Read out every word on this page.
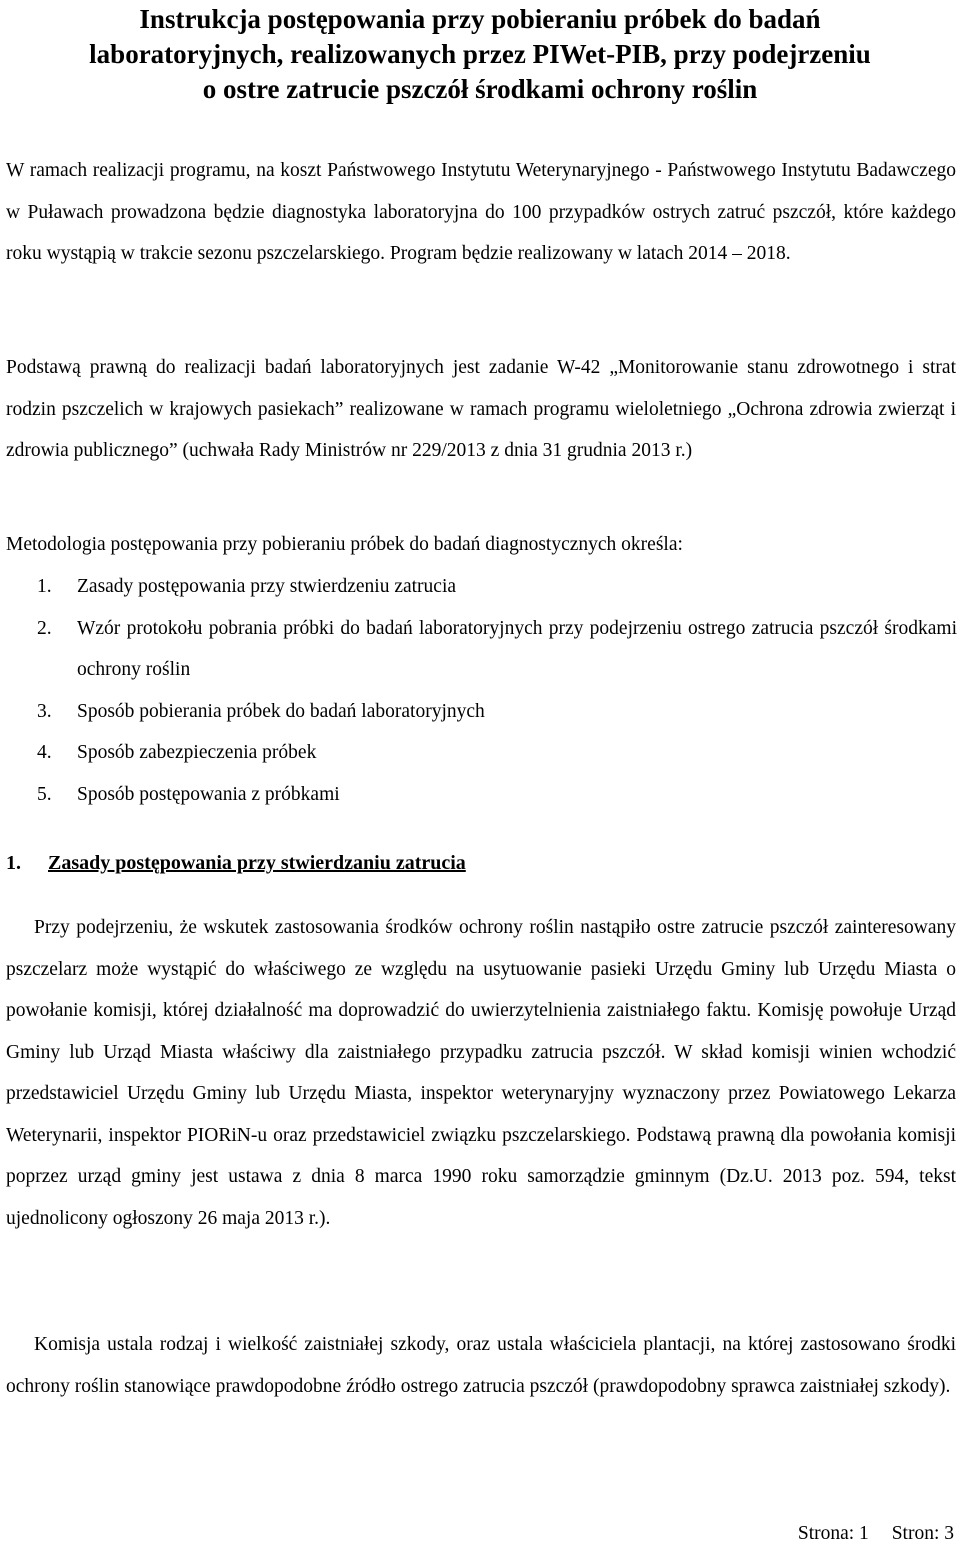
Instrukcja postępowania przy pobieraniu próbek do badań
laboratoryjnych, realizowanych przez PIWet-PIB, przy podejrzeniu
o ostre zatrucie pszczół środkami ochrony roślin

W ramach realizacji programu, na koszt Państwowego Instytutu Weterynaryjnego - Państwowego Instytutu Badawczego w Puławach prowadzona będzie diagnostyka laboratoryjna do 100 przypadków ostrych zatruć pszczół, które każdego roku wystąpią w trakcie sezonu pszczelarskiego. Program będzie realizowany w latach 2014 – 2018.

Podstawą prawną do realizacji badań laboratoryjnych jest zadanie W-42 „Monitorowanie stanu zdrowotnego i strat rodzin pszczelich w krajowych pasiekach” realizowane w ramach programu wieloletniego „Ochrona zdrowia zwierząt i zdrowia publicznego” (uchwała Rady Ministrów nr 229/2013 z dnia 31 grudnia 2013 r.)

Metodologia postępowania przy pobieraniu próbek do badań diagnostycznych określa:

1. Zasady postępowania przy stwierdzeniu zatrucia
2. Wzór protokołu pobrania próbki do badań laboratoryjnych przy podejrzeniu ostrego zatrucia pszczół środkami ochrony roślin
3. Sposób pobierania próbek do badań laboratoryjnych
4. Sposób zabezpieczenia próbek
5. Sposób postępowania z próbkami
1. Zasady postępowania przy stwierdzaniu zatrucia

Przy podejrzeniu, że wskutek zastosowania środków ochrony roślin nastąpiło ostre zatrucie pszczół zainteresowany pszczelarz może wystąpić do właściwego ze względu na usytuowanie pasieki Urzędu Gminy lub Urzędu Miasta o powołanie komisji, której działalność ma doprowadzić do uwierzytelnienia zaistniałego faktu. Komisję powołuje Urząd Gminy lub Urząd Miasta właściwy dla zaistniałego przypadku zatrucia pszczół. W skład komisji winien wchodzić przedstawiciel Urzędu Gminy lub Urzędu Miasta, inspektor weterynaryjny wyznaczony przez Powiatowego Lekarza Weterynarii, inspektor PIORiN-u oraz przedstawiciel związku pszczelarskiego. Podstawą prawną dla powołania komisji poprzez urząd gminy jest ustawa z dnia 8 marca 1990 roku samorządzie gminnym (Dz.U. 2013 poz. 594, tekst ujednolicony ogłoszony 26 maja 2013 r.).

Komisja ustala rodzaj i wielkość zaistniałej szkody, oraz ustala właściciela plantacji, na której zastosowano środki ochrony roślin stanowiące prawdopodobne źródło ostrego zatrucia pszczół (prawdopodobny sprawca zaistniałej szkody).

Strona: 1 Stron: 3
